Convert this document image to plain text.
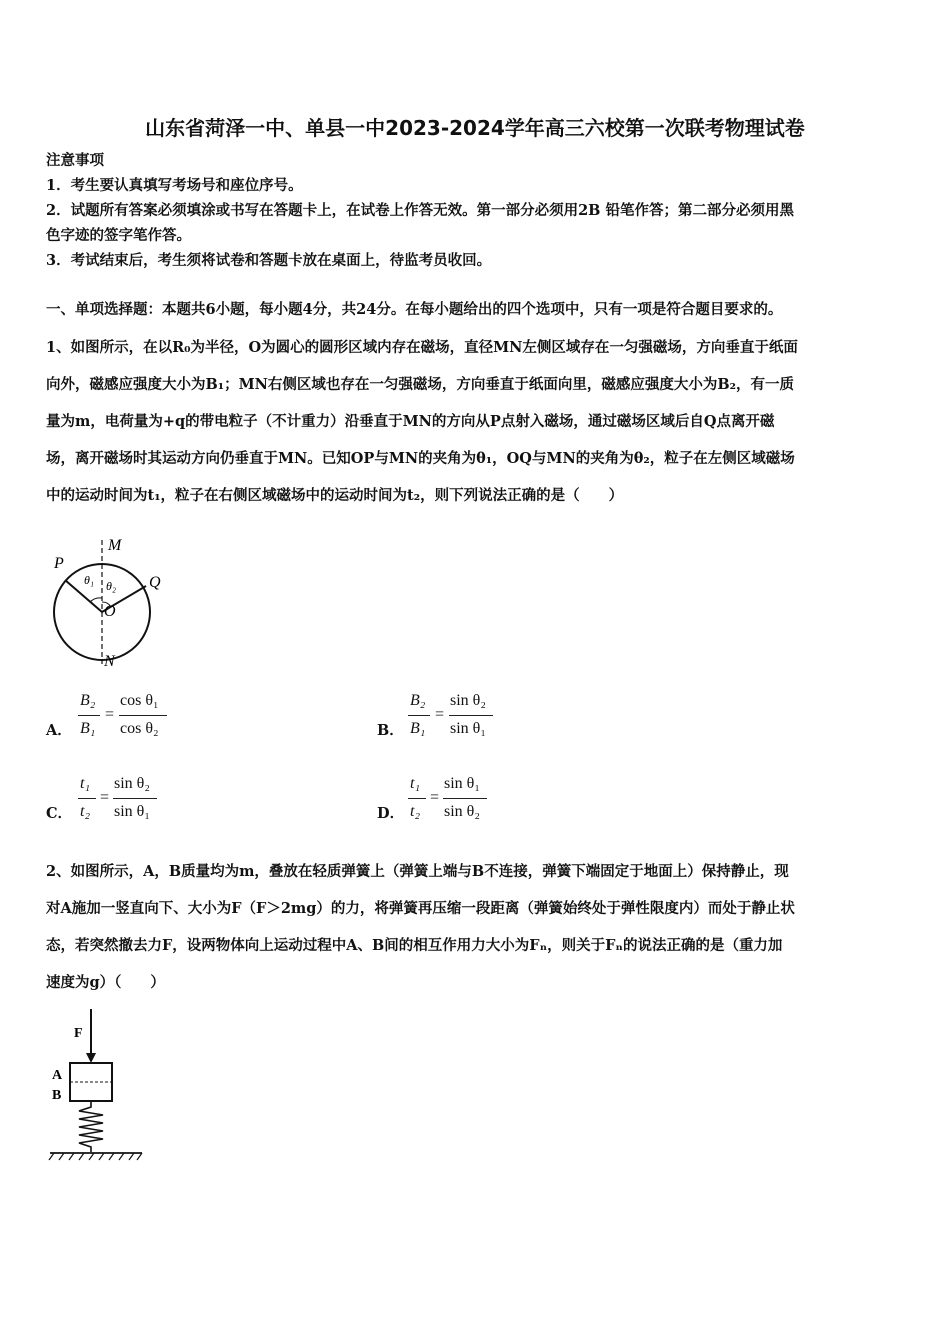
山东省菏泽一中、单县一中2023-2024学年高三六校第一次联考物理试卷
注意事项
1．考生要认真填写考场号和座位序号。
2．试题所有答案必须填涂或书写在答题卡上，在试卷上作答无效。第一部分必须用2B 铅笔作答；第二部分必须用黑
色字迹的签字笔作答。
3．考试结束后，考生须将试卷和答题卡放在桌面上，待监考员收回。
一、单项选择题：本题共6小题，每小题4分，共24分。在每小题给出的四个选项中，只有一项是符合题目要求的。
1、如图所示，在以R₀为半径，O为圆心的圆形区域内存在磁场，直径MN左侧区域存在一匀强磁场，方向垂直于纸面
向外，磁感应强度大小为B₁；MN右侧区域也存在一匀强磁场，方向垂直于纸面向里，磁感应强度大小为B₂，有一质
量为m，电荷量为+q的带电粒子（不计重力）沿垂直于MN的方向从P点射入磁场，通过磁场区域后自Q点离开磁
场，离开磁场时其运动方向仍垂直于MN。已知OP与MN的夹角为θ₁，OQ与MN的夹角为θ₂，粒子在左侧区域磁场
中的运动时间为t₁，粒子在右侧区域磁场中的运动时间为t₂，则下列说法正确的是（　　）
M
N
P
Q
O
θ₁ θ₂
A．
B₂
B₁
=
cos θ₁
cos θ₂	B．
B₂
B₁
=
sin θ₂
sin θ₁
C．
t₁
t₂
=
sin θ₂
sin θ₁	D．
t₁
t₂
=
sin θ₁
sin θ₂
2、如图所示，A，B质量均为m，叠放在轻质弹簧上（弹簧上端与B不连接，弹簧下端固定于地面上）保持静止，现
对A施加一竖直向下、大小为F（F＞2mg）的力，将弹簧再压缩一段距离（弹簧始终处于弹性限度内）而处于静止状
态，若突然撤去力F，设两物体向上运动过程中A、B间的相互作用力大小为Fₙ，则关于Fₙ的说法正确的是（重力加
速度为g）（　　）
F
A
B
